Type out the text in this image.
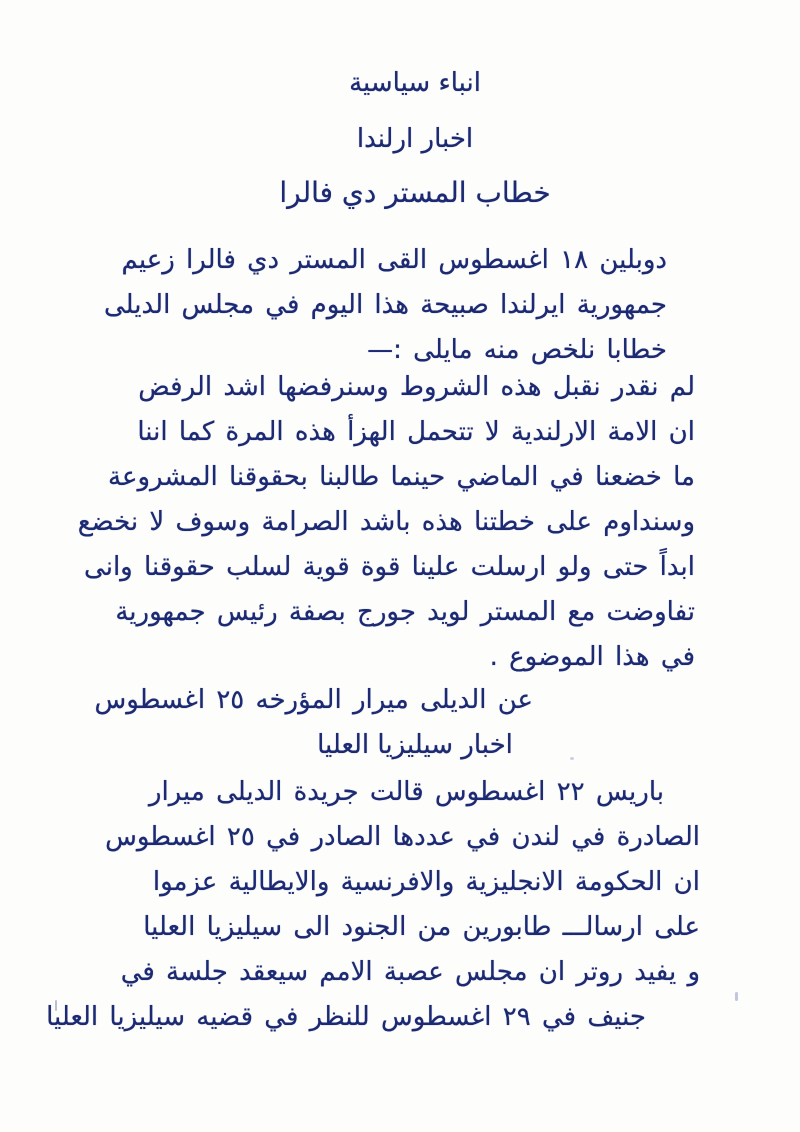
انباء سياسية
اخبار ارلندا
خطاب المستر دي فالرا
دوبلين ١٨ اغسطوس القى المستر دي فالرا زعيم
جمهورية ايرلندا صبيحة هذا اليوم في مجلس الديلى
خطابا نلخص منه مايلى :—
لم نقدر نقبل هذه الشروط وسنرفضها اشد الرفض
ان الامة الارلندية لا تتحمل الهزأ هذه المرة كما اننا
ما خضعنا في الماضي حينما طالبنا بحقوقنا المشروعة
وسنداوم على خطتنا هذه باشد الصرامة وسوف لا نخضع
ابداً حتى ولو ارسلت علينا قوة قوية لسلب حقوقنا وانى
تفاوضت مع المستر لويد جورج بصفة رئيس جمهورية
في هذا الموضوع .
عن الديلى ميرار المؤرخه ٢٥ اغسطوس
اخبار سيليزيا العليا
باريس ٢٢ اغسطوس قالت جريدة الديلى ميرار
الصادرة في لندن في عددها الصادر في ٢٥ اغسطوس
ان الحكومة الانجليزية والافرنسية والايطالية عزموا
على ارسالـــ طابورين من الجنود الى سيليزيا العليا
و يفيد روتر ان مجلس عصبة الامم سيعقد جلسة في
جنيف في ٢٩ اغسطوس للنظر في قضيه سيليزيا العليا
